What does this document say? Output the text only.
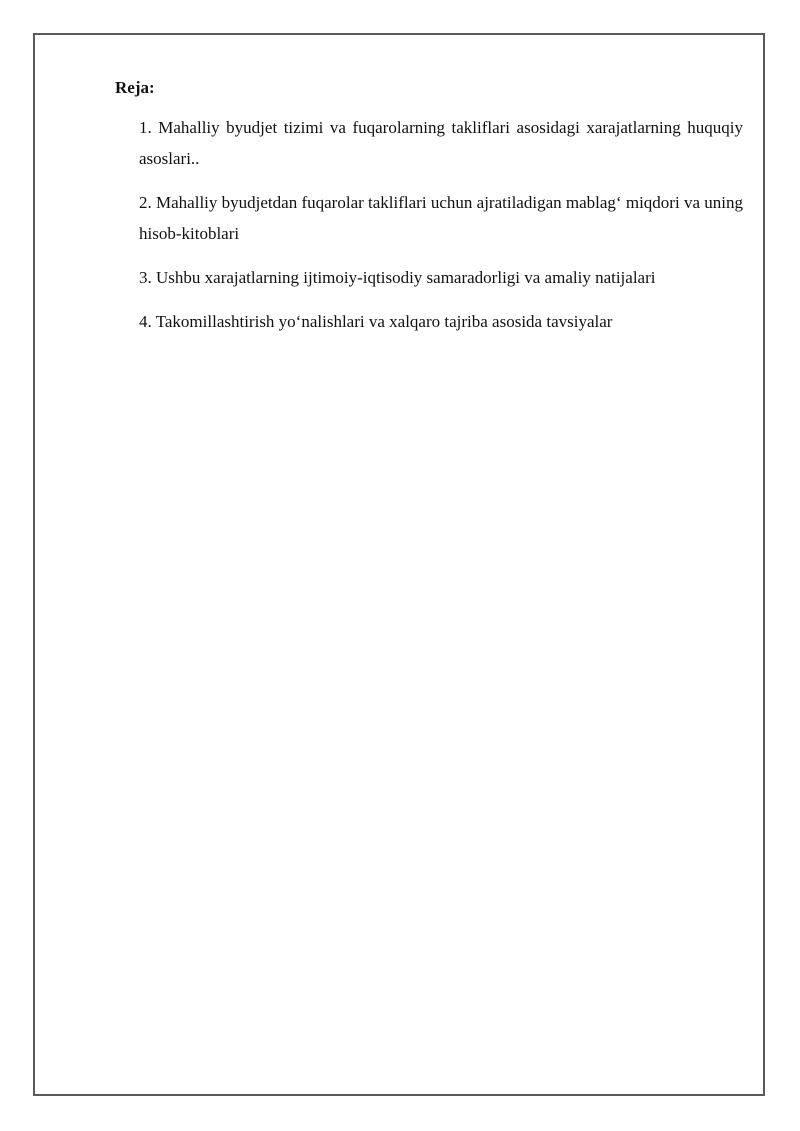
Reja:
1. Mahalliy byudjet tizimi va fuqarolarning takliflari asosidagi xarajatlarning huquqiy asoslari..
2. Mahalliy byudjetdan fuqarolar takliflari uchun ajratiladigan mablag‘ miqdori va uning hisob-kitoblari
3. Ushbu xarajatlarning ijtimoiy-iqtisodiy samaradorligi va amaliy natijalari
4. Takomillashtirish yo‘nalishlari va xalqaro tajriba asosida tavsiyalar
